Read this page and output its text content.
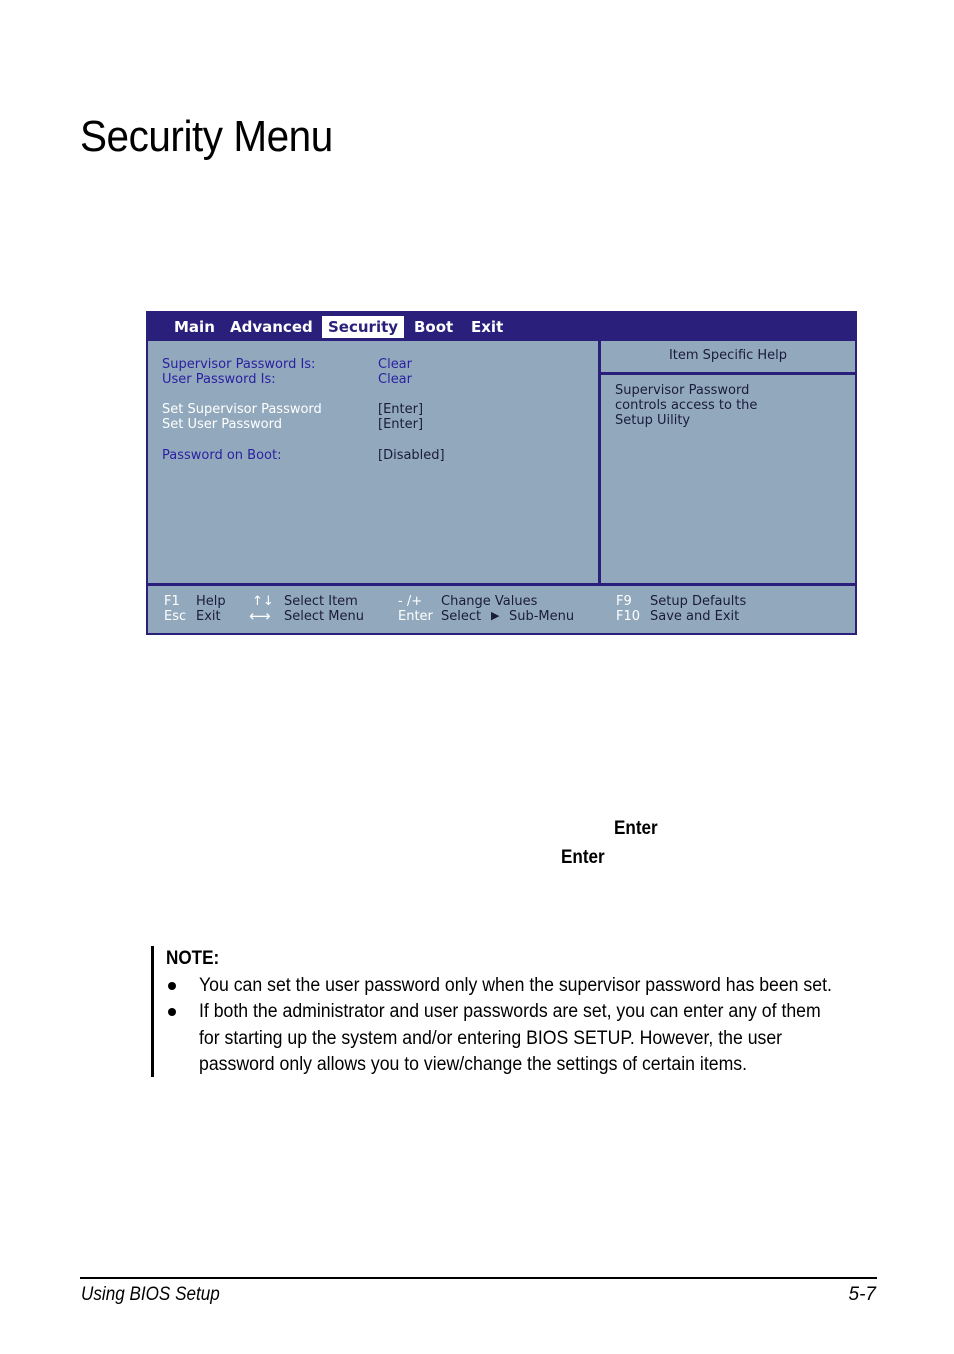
Security Menu
Main	Advanced	Security	Boot	Exit
Supervisor Password Is:	Clear
User Password Is:	Clear
Set Supervisor Password	[Enter]
Set User Password	[Enter]
Password on Boot:	[Disabled]
Item Specific Help
Supervisor Password
controls access to the
Setup Uility
F1 Help
Esc Exit
↑↓ Select Item
⟷ Select Menu
- /+ Change Values
Enter Select ▶ Sub-Menu
F9 Setup Defaults
F10 Save and Exit
Enter
Enter
NOTE:
You can set the user password only when the supervisor password has been set.
If both the administrator and user passwords are set, you can enter any of them for starting up the system and/or entering BIOS SETUP. However, the user password only allows you to view/change the settings of certain items.
Using BIOS Setup	5-7
